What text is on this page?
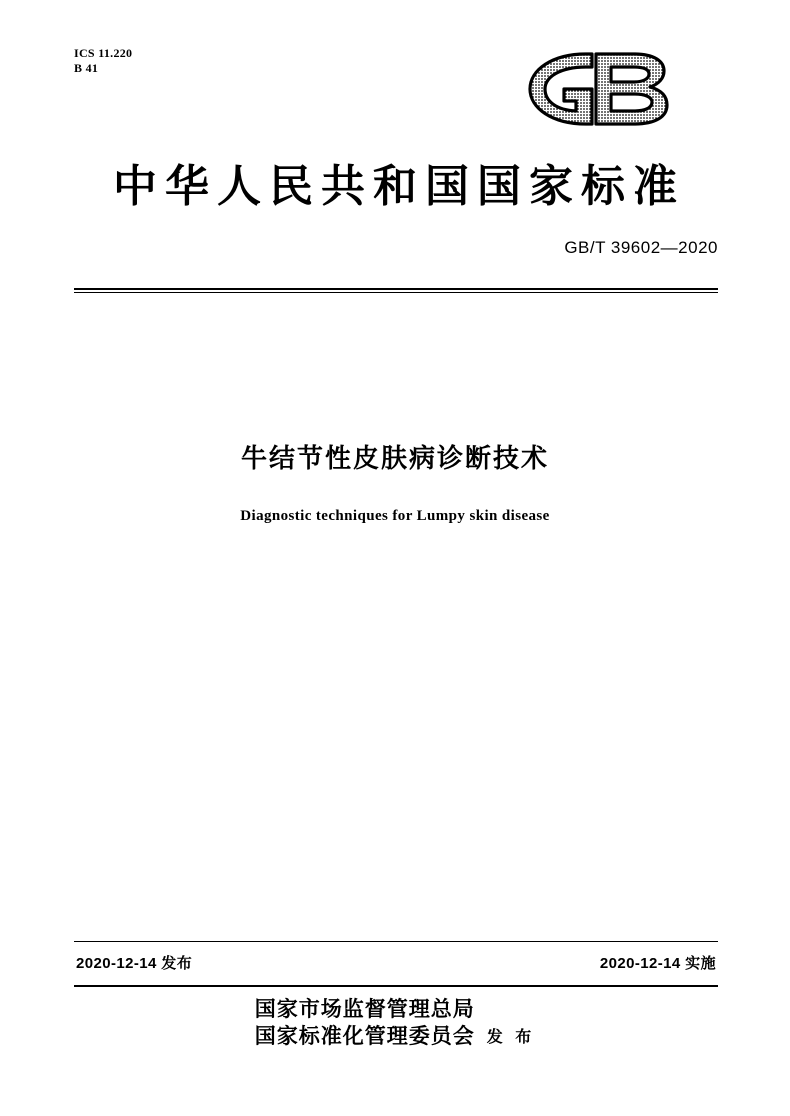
ICS 11.220
B 41
中华人民共和国国家标准
GB/T 39602—2020
牛结节性皮肤病诊断技术
Diagnostic techniques for Lumpy skin disease
2020-12-14 发布	2020-12-14 实施
国家市场监督管理总局
国家标准化管理委员会 发 布
